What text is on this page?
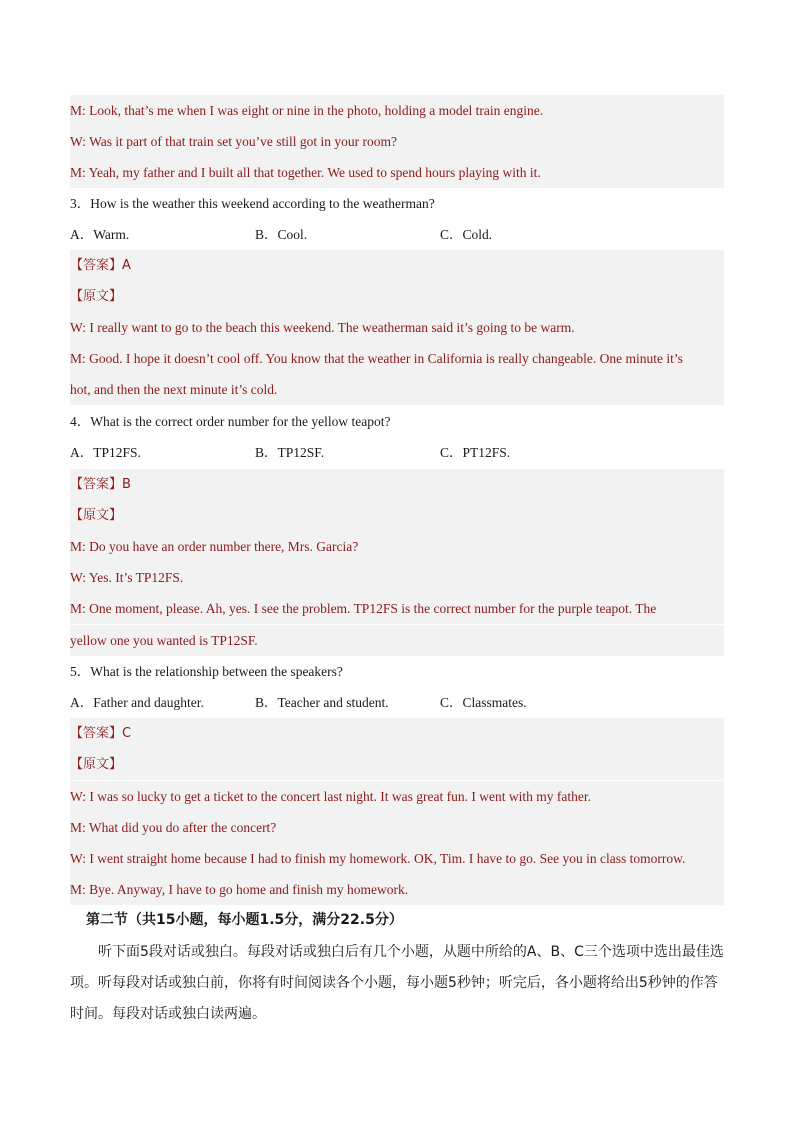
M: Look, that’s me when I was eight or nine in the photo, holding a model train engine.
W: Was it part of that train set you’ve still got in your room?
M: Yeah, my father and I built all that together. We used to spend hours playing with it.
3．How is the weather this weekend according to the weatherman?
A．Warm.	B．Cool.	C．Cold.
【答案】A
【原文】
W: I really want to go to the beach this weekend. The weatherman said it’s going to be warm.
M: Good. I hope it doesn’t cool off. You know that the weather in California is really changeable. One minute it’s
hot, and then the next minute it’s cold.
4．What is the correct order number for the yellow teapot?
A．TP12FS.	B．TP12SF.	C．PT12FS.
【答案】B
【原文】
M: Do you have an order number there, Mrs. Garcia?
W: Yes. It’s TP12FS.
M: One moment, please. Ah, yes. I see the problem. TP12FS is the correct number for the purple teapot. The
yellow one you wanted is TP12SF.
5．What is the relationship between the speakers?
A．Father and daughter.	B．Teacher and student.	C．Classmates.
【答案】C
【原文】
W: I was so lucky to get a ticket to the concert last night. It was great fun. I went with my father.
M: What did you do after the concert?
W: I went straight home because I had to finish my homework. OK, Tim. I have to go. See you in class tomorrow.
M: Bye. Anyway, I have to go home and finish my homework.
第二节（共15小题，每小题1.5分，满分22.5分）
听下面5段对话或独白。每段对话或独白后有几个小题，从题中所给的A、B、C三个选项中选出最佳选项。听每段对话或独白前，你将有时间阅读各个小题，每小题5秒钟；听完后，各小题将给出5秒钟的作答时间。每段对话或独白读两遍。
